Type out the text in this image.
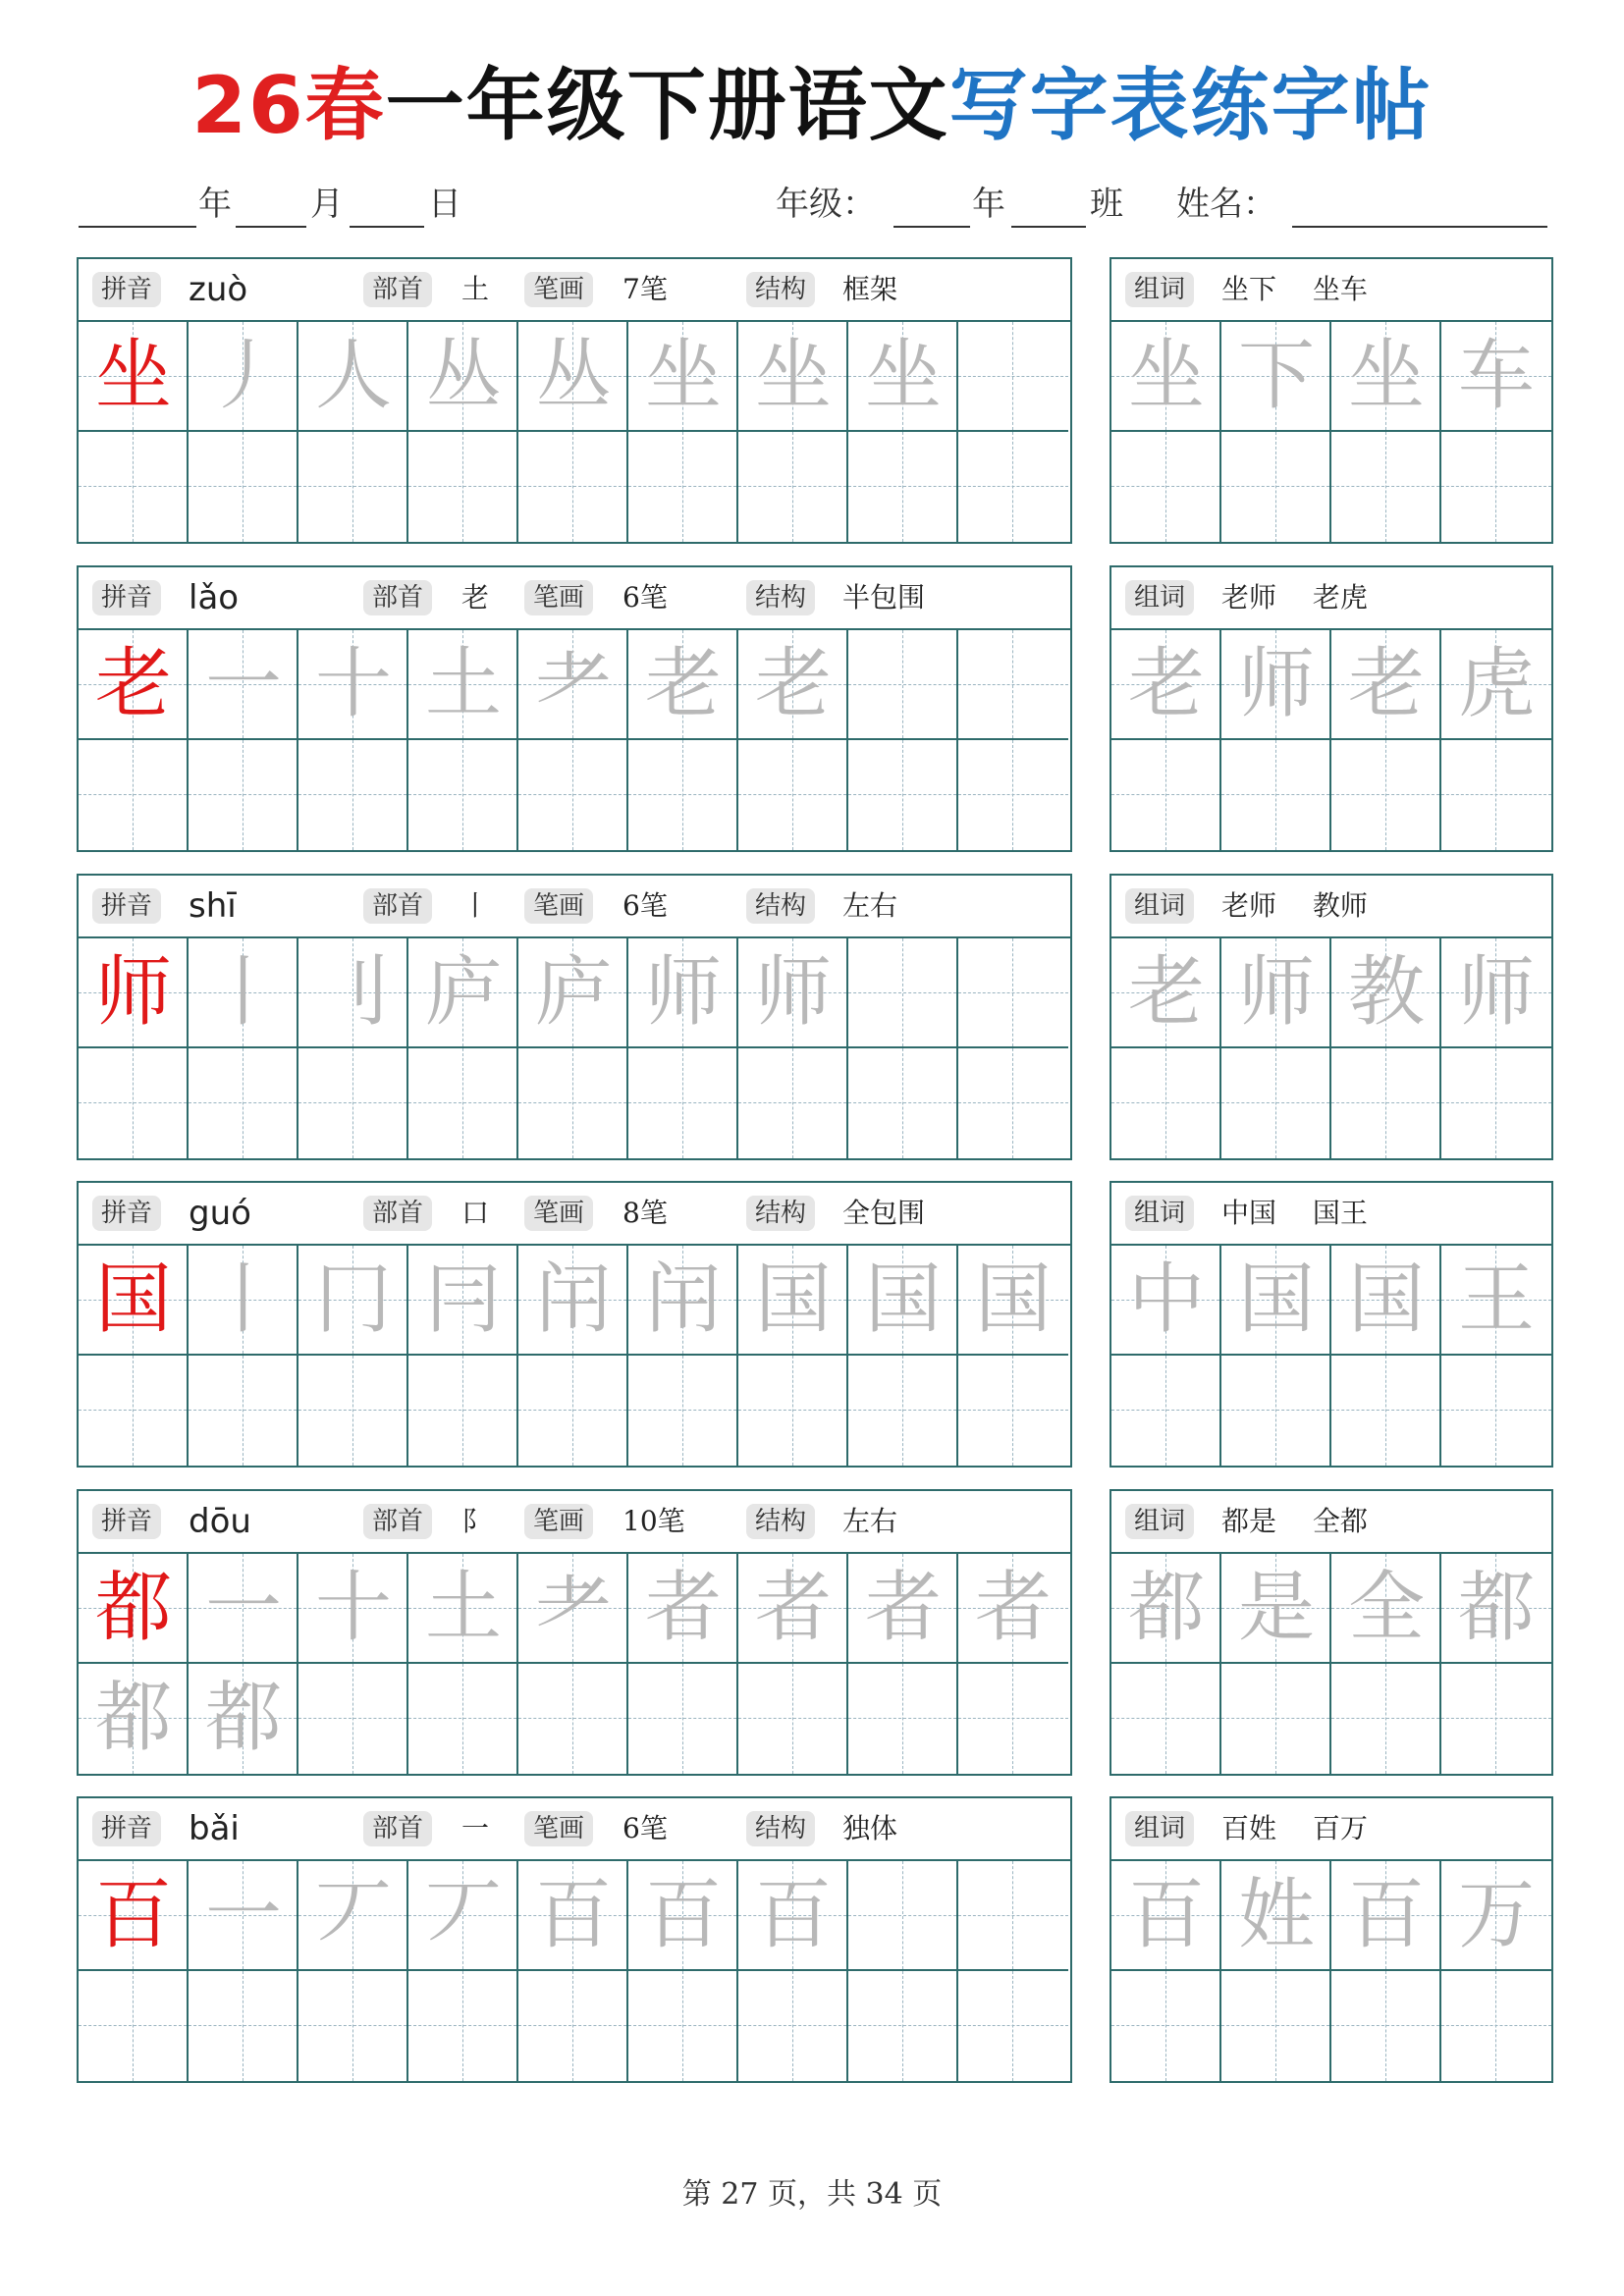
26春一年级下册语文写字表练字帖
年 月	日	年级：	年	班 姓名：
拼音 zuò	部首	土	笔画	7笔	结构	框架
坐 丿 人 丛 丛 坐 坐 坐
组词	坐下　 坐车
坐 下 坐 车
拼音 lǎo	部首	老	笔画	6笔	结构	半包围
老 一 十 土 耂 老 老
组词	老师　 老虎
老 师 老 虎
拼音 shī	部首	丨	笔画	6笔	结构	左右
师 丨 刂 庐 庐 师 师
组词	老师　 教师
老 师 教 师
拼音 guó	部首	口	笔画	8笔	结构	全包围
国 丨 冂 冃 闬 闬 国 国 国
组词	中国　 国王
中 国 国 王
拼音 dōu	部首	阝	笔画	10笔	结构	左右
都 一 十 土 耂 者 者 者 者
都 都
组词	都是　 全都
都 是 全 都
拼音 bǎi	部首	一	笔画	6笔	结构	独体
百 一 丆 丆 百 百 百
组词	百姓　 百万
百 姓 百 万
第 27 页，共 34 页
